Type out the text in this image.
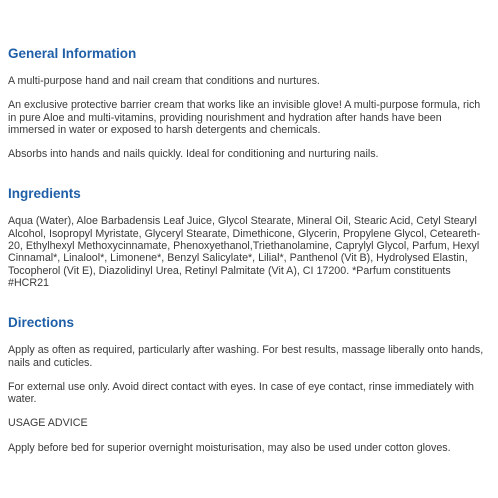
General Information

A multi-purpose hand and nail cream that conditions and nurtures.

An exclusive protective barrier cream that works like an invisible glove! A multi-purpose formula, rich in pure Aloe and multi-vitamins, providing nourishment and hydration after hands have been immersed in water or exposed to harsh detergents and chemicals.

Absorbs into hands and nails quickly. Ideal for conditioning and nurturing nails.

Ingredients

Aqua (Water), Aloe Barbadensis Leaf Juice, Glycol Stearate, Mineral Oil, Stearic Acid, Cetyl Stearyl Alcohol, Isopropyl Myristate, Glyceryl Stearate, Dimethicone, Glycerin, Propylene Glycol, Ceteareth-20, Ethylhexyl Methoxycinnamate, Phenoxyethanol,Triethanolamine, Caprylyl Glycol, Parfum, Hexyl Cinnamal*, Linalool*, Limonene*, Benzyl Salicylate*, Lilial*, Panthenol (Vit B), Hydrolysed Elastin, Tocopherol (Vit E), Diazolidinyl Urea, Retinyl Palmitate (Vit A), CI 17200. *Parfum constituents #HCR21

Directions

Apply as often as required, particularly after washing. For best results, massage liberally onto hands, nails and cuticles.

For external use only. Avoid direct contact with eyes. In case of eye contact, rinse immediately with water.

USAGE ADVICE

Apply before bed for superior overnight moisturisation, may also be used under cotton gloves.
